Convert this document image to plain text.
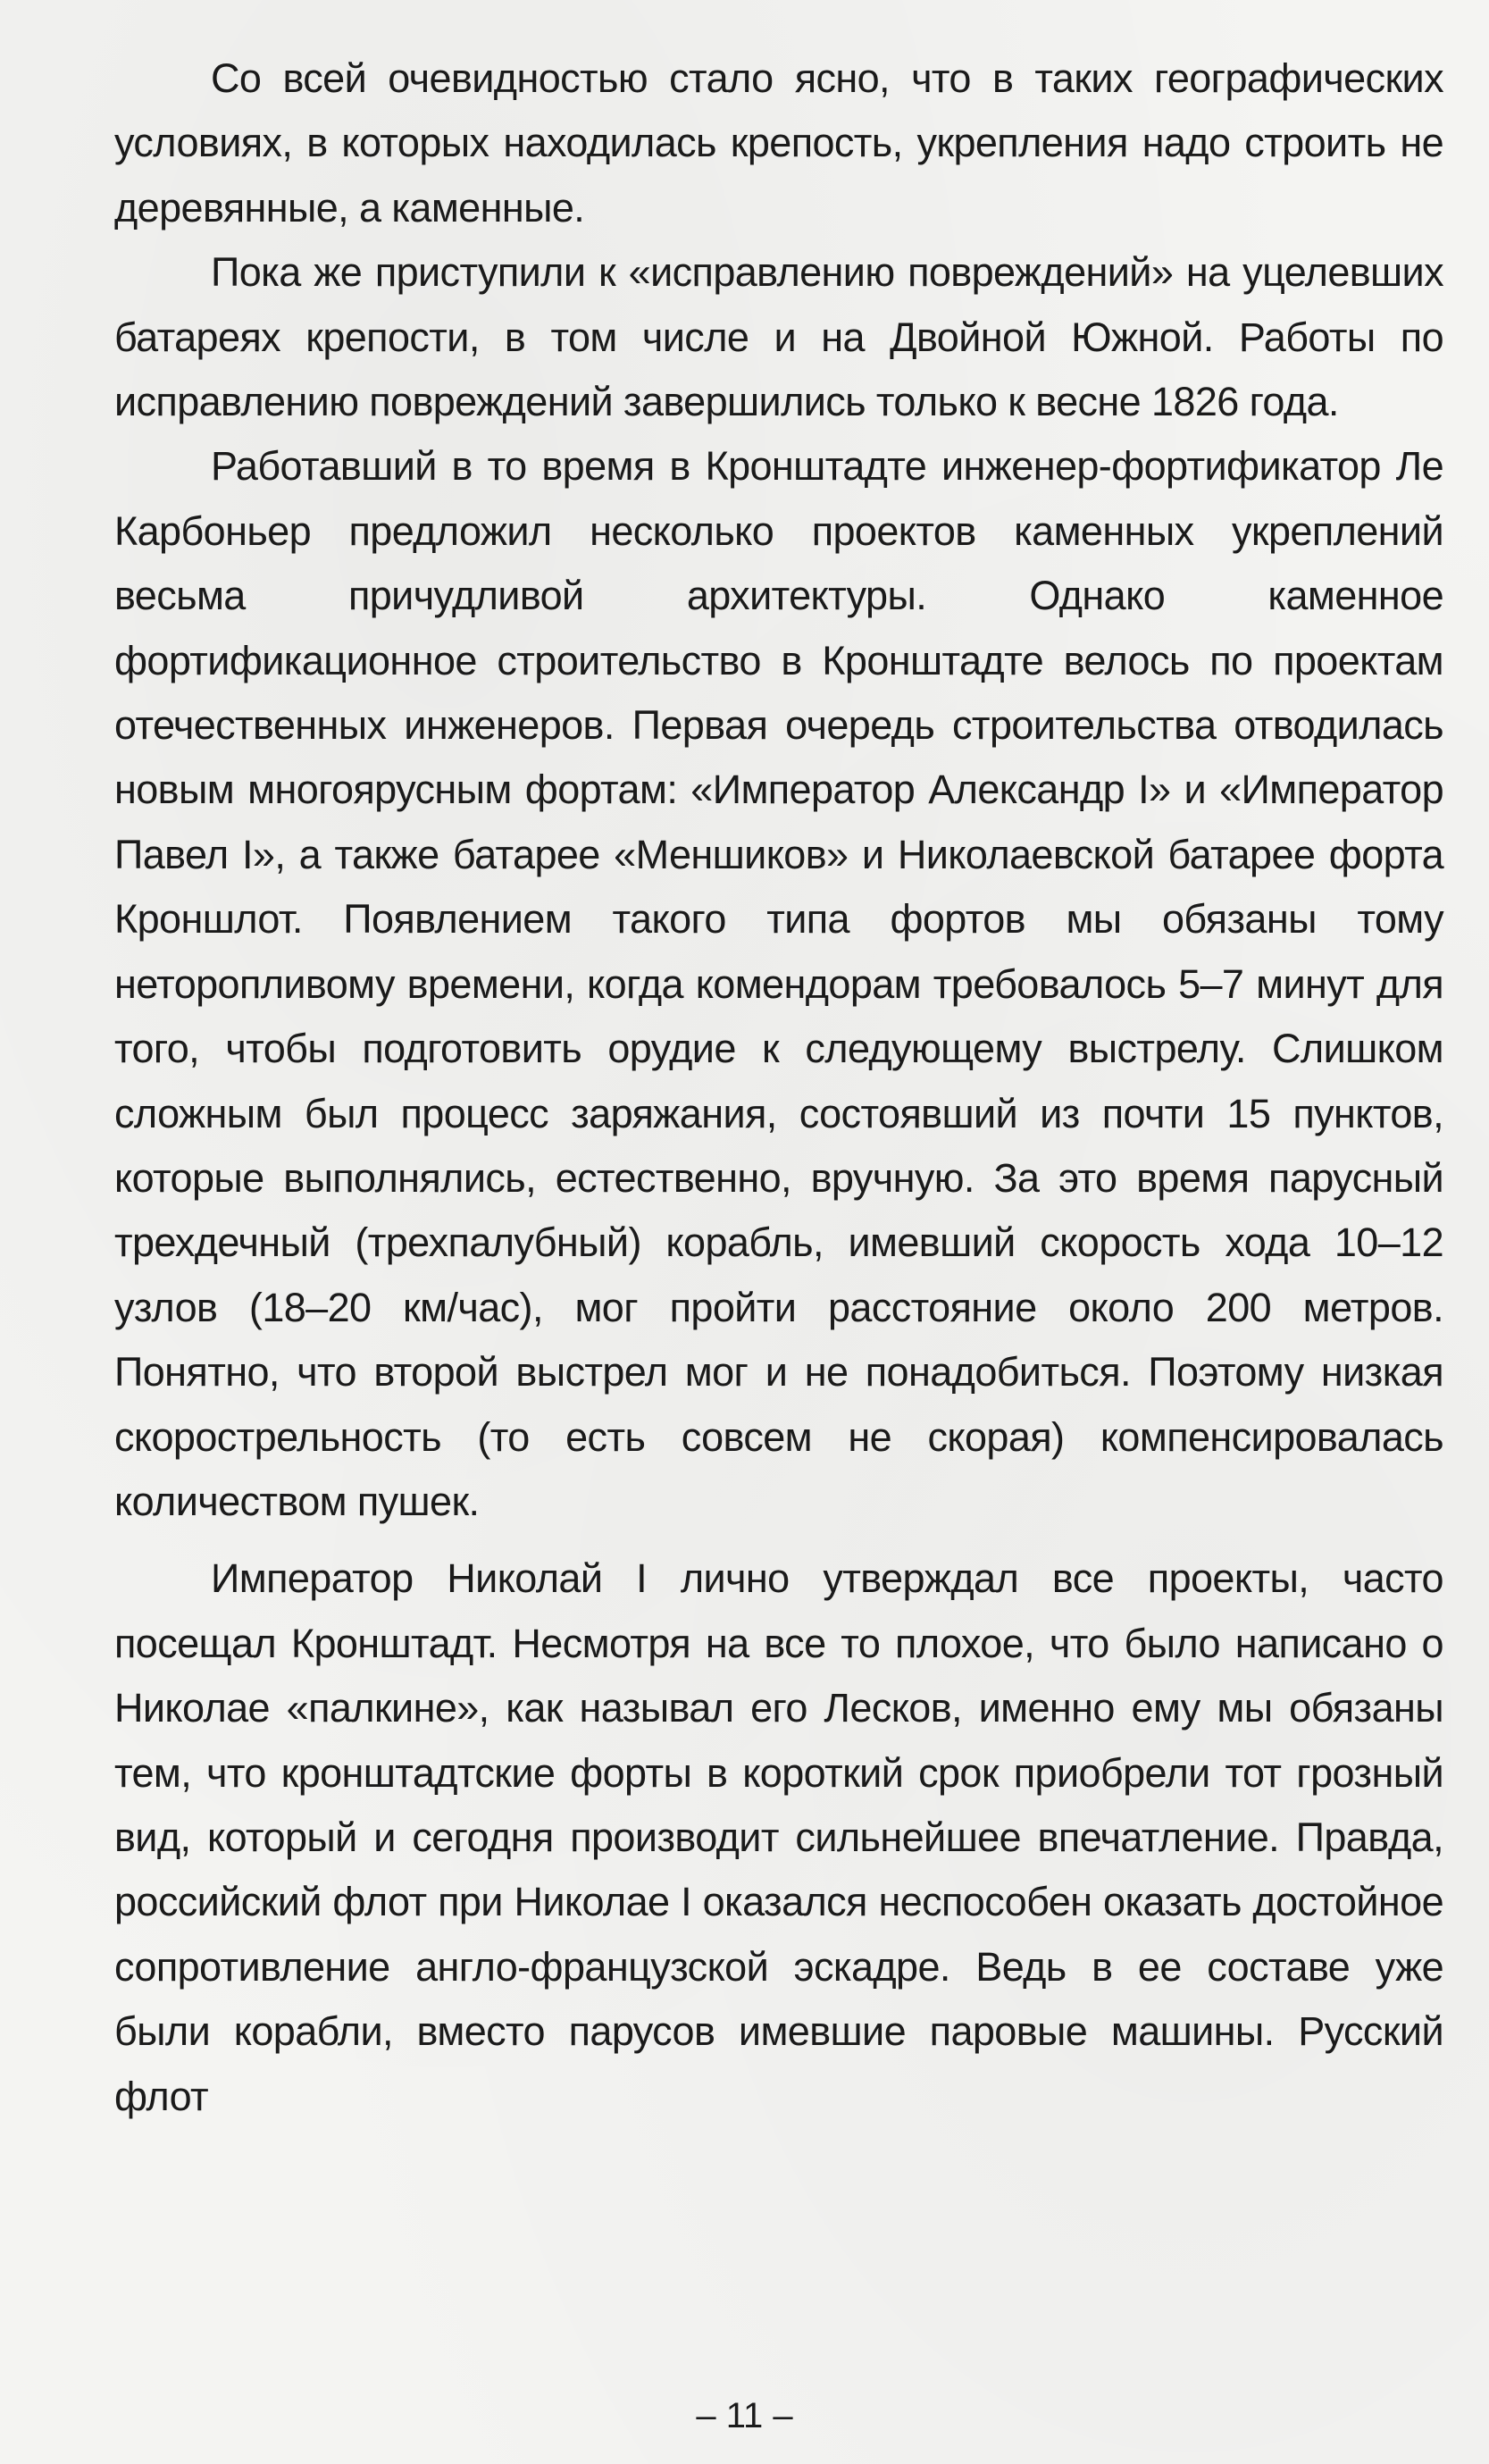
Со всей очевидностью стало ясно, что в таких географических условиях, в которых находилась крепость, укрепления надо строить не деревянные, а каменные.

Пока же приступили к «исправлению повреждений» на уцелевших батареях крепости, в том числе и на Двойной Южной. Работы по исправлению повреждений завершились только к весне 1826 года.

Работавший в то время в Кронштадте инженер-фортификатор Ле Карбоньер предложил несколько проектов каменных укреплений весьма причудливой архитектуры. Однако каменное фортификационное строительство в Кронштадте велось по проектам отечественных инженеров. Первая очередь строительства отводилась новым многоярусным фортам: «Император Александр I» и «Император Павел I», а также батарее «Меншиков» и Николаевской батарее форта Кроншлот. Появлением такого типа фортов мы обязаны тому неторопливому времени, когда комендорам требовалось 5–7 минут для того, чтобы подготовить орудие к следующему выстрелу. Слишком сложным был процесс заряжания, состоявший из почти 15 пунктов, которые выполнялись, естественно, вручную. За это время парусный трехдечный (трехпалубный) корабль, имевший скорость хода 10–12 узлов (18–20 км/час), мог пройти расстояние около 200 метров. Понятно, что второй выстрел мог и не понадобиться. Поэтому низкая скорострельность (то есть совсем не скорая) компенсировалась количеством пушек.

Император Николай I лично утверждал все проекты, часто посещал Кронштадт. Несмотря на все то плохое, что было написано о Николае «палкине», как называл его Лесков, именно ему мы обязаны тем, что кронштадтские форты в короткий срок приобрели тот грозный вид, который и сегодня производит сильнейшее впечатление. Правда, российский флот при Николае I оказался неспособен оказать достойное сопротивление англо-французской эскадре. Ведь в ее составе уже были корабли, вместо парусов имевшие паровые машины. Русский флот

– 11 –
